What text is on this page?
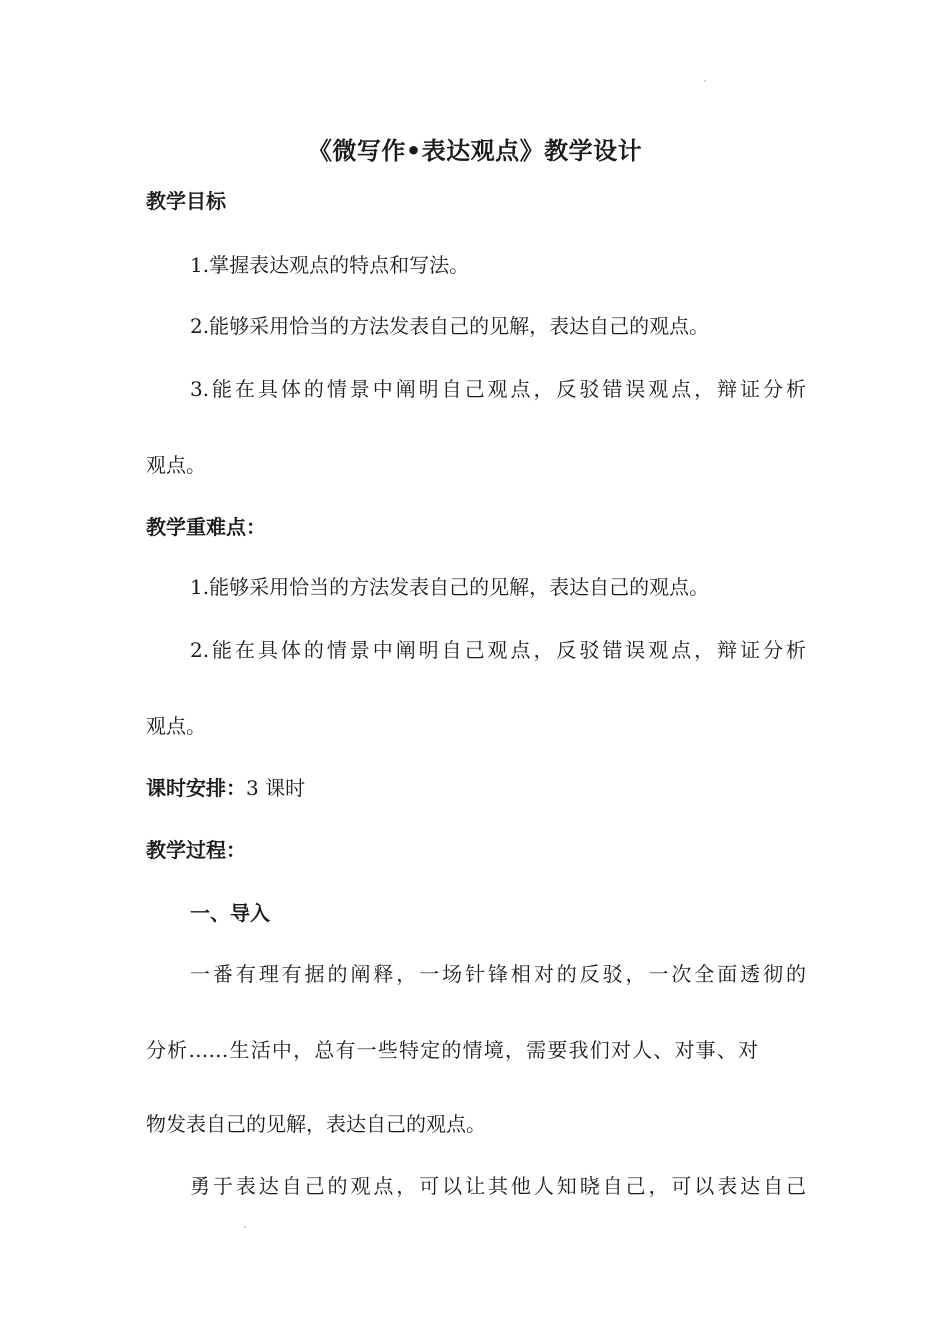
《微写作•表达观点》教学设计
教学目标

1.掌握表达观点的特点和写法。

2.能够采用恰当的方法发表自己的见解，表达自己的观点。

3.能在具体的情景中阐明自己观点，反驳错误观点，辩证分析

观点。

教学重难点：

1.能够采用恰当的方法发表自己的见解，表达自己的观点。

2.能在具体的情景中阐明自己观点，反驳错误观点，辩证分析

观点。

课时安排：3 课时
教学过程：
一、导入

一番有理有据的阐释，一场针锋相对的反驳，一次全面透彻的

分析……生活中，总有一些特定的情境，需要我们对人、对事、对

物发表自己的见解，表达自己的观点。

勇于表达自己的观点，可以让其他人知晓自己，可以表达自己
